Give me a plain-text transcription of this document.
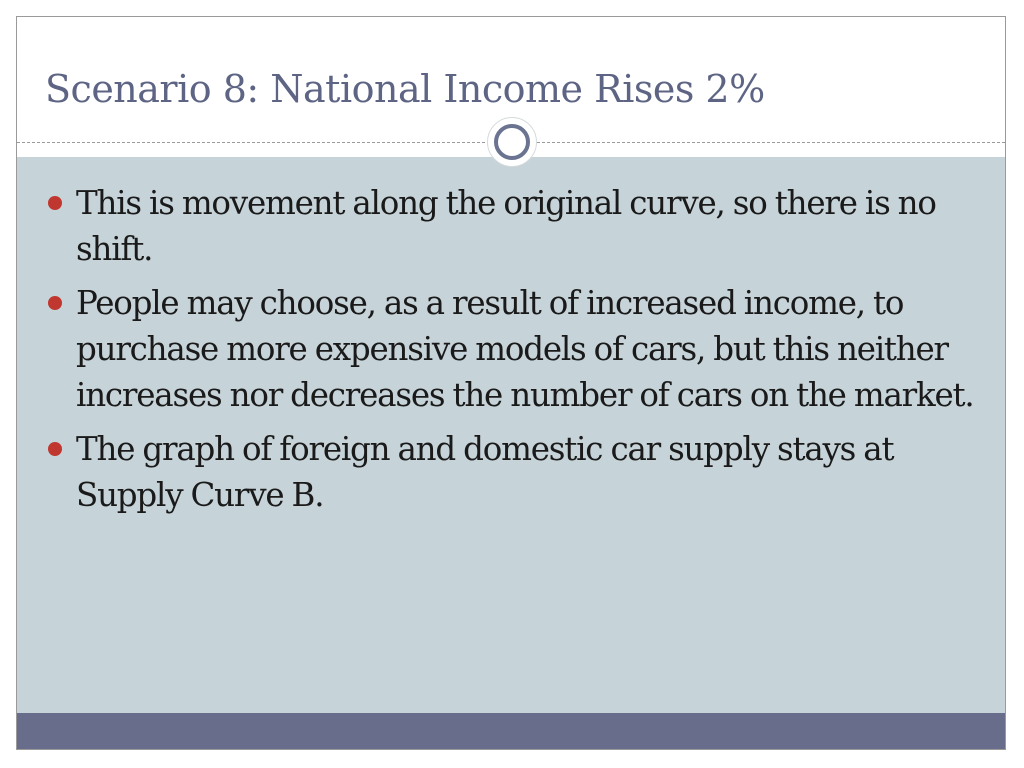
Scenario 8: National Income Rises 2%
This is movement along the original curve, so there is no shift.
People may choose, as a result of increased income, to purchase more expensive models of cars, but this neither increases nor decreases the number of cars on the market.
The graph of foreign and domestic car supply stays at Supply Curve B.
